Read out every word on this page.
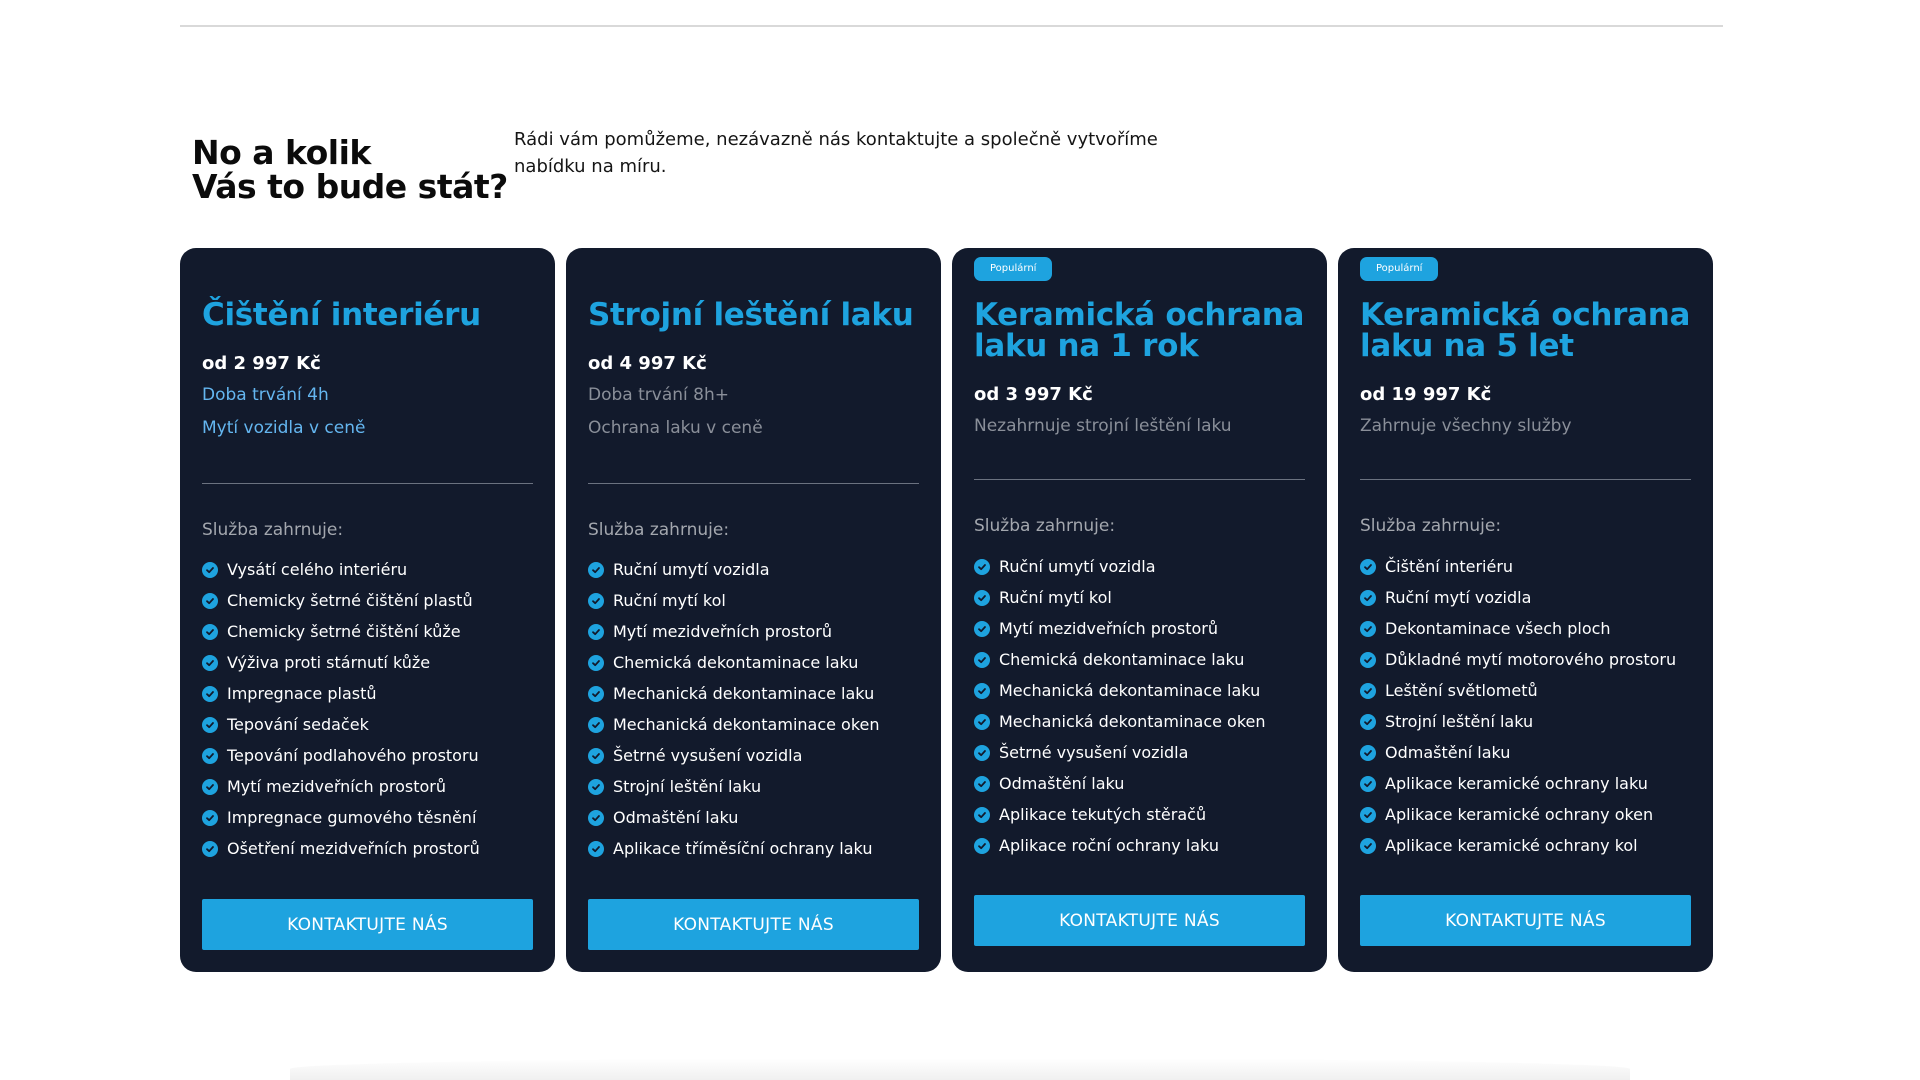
No a kolik
Vás to bude stát?

Rádi vám pomůžeme, nezávazně nás kontaktujte a společně vytvoříme nabídku na míru.

Čištění interiéru
od 2 997 Kč
Doba trvání 4h
Mytí vozidla v ceně
Služba zahrnuje:
Vysátí celého interiéru
Chemicky šetrné čištění plastů
Chemicky šetrné čištění kůže
Výživa proti stárnutí kůže
Impregnace plastů
Tepování sedaček
Tepování podlahového prostoru
Mytí mezidveřních prostorů
Impregnace gumového těsnění
Ošetření mezidveřních prostorů
KONTAKTUJTE NÁS
Strojní leštění laku
od 4 997 Kč
Doba trvání 8h+
Ochrana laku v ceně
Služba zahrnuje:
Ruční umytí vozidla
Ruční mytí kol
Mytí mezidveřních prostorů
Chemická dekontaminace laku
Mechanická dekontaminace laku
Mechanická dekontaminace oken
Šetrné vysušení vozidla
Strojní leštění laku
Odmaštění laku
Aplikace tříměsíční ochrany laku
KONTAKTUJTE NÁS
Populární
Keramická ochrana laku na 1 rok
od 3 997 Kč
Nezahrnuje strojní leštění laku
Služba zahrnuje:
Ruční umytí vozidla
Ruční mytí kol
Mytí mezidveřních prostorů
Chemická dekontaminace laku
Mechanická dekontaminace laku
Mechanická dekontaminace oken
Šetrné vysušení vozidla
Odmaštění laku
Aplikace tekutých stěračů
Aplikace roční ochrany laku
KONTAKTUJTE NÁS
Populární
Keramická ochrana laku na 5 let
od 19 997 Kč
Zahrnuje všechny služby
Služba zahrnuje:
Čištění interiéru
Ruční mytí vozidla
Dekontaminace všech ploch
Důkladné mytí motorového prostoru
Leštění světlometů
Strojní leštění laku
Odmaštění laku
Aplikace keramické ochrany laku
Aplikace keramické ochrany oken
Aplikace keramické ochrany kol
KONTAKTUJTE NÁS
